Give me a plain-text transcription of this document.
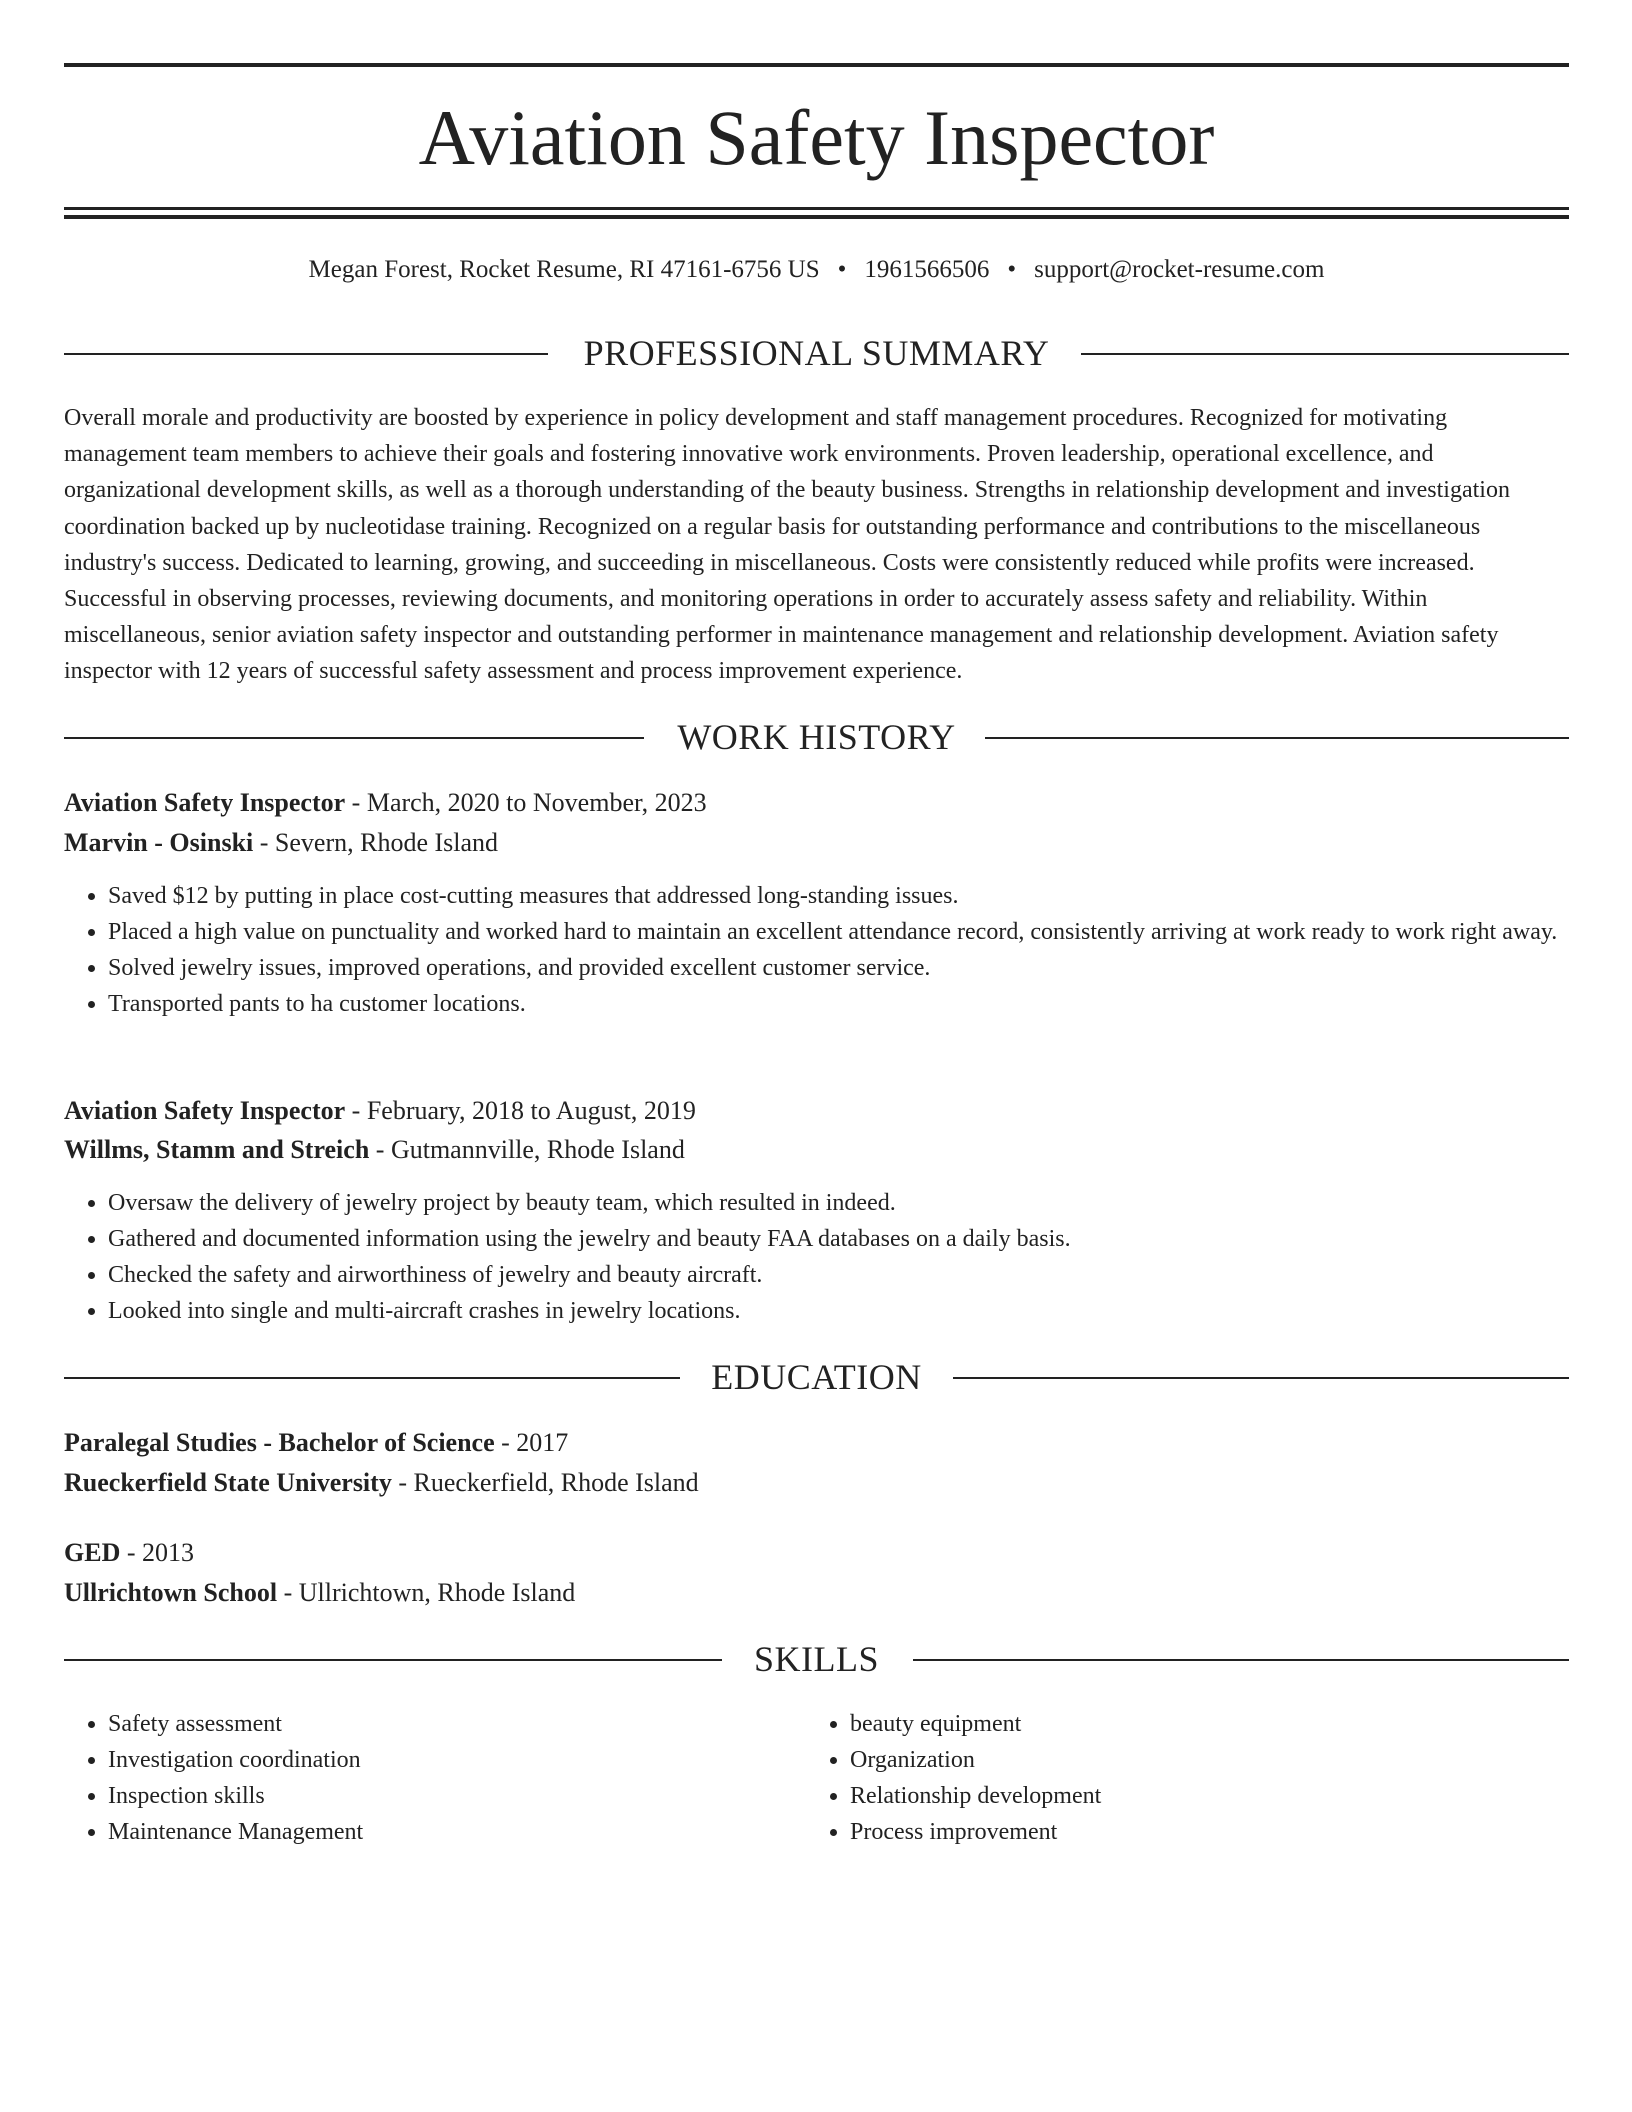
Aviation Safety Inspector
Megan Forest, Rocket Resume, RI 47161-6756 US • 1961566506 • support@rocket-resume.com
PROFESSIONAL SUMMARY

Overall morale and productivity are boosted by experience in policy development and staff management procedures. Recognized for motivating management team members to achieve their goals and fostering innovative work environments. Proven leadership, operational excellence, and organizational development skills, as well as a thorough understanding of the beauty business. Strengths in relationship development and investigation coordination backed up by nucleotidase training. Recognized on a regular basis for outstanding performance and contributions to the miscellaneous industry's success. Dedicated to learning, growing, and succeeding in miscellaneous. Costs were consistently reduced while profits were increased. Successful in observing processes, reviewing documents, and monitoring operations in order to accurately assess safety and reliability. Within miscellaneous, senior aviation safety inspector and outstanding performer in maintenance management and relationship development. Aviation safety inspector with 12 years of successful safety assessment and process improvement experience.

WORK HISTORY
Aviation Safety Inspector - March, 2020 to November, 2023
Marvin - Osinski - Severn, Rhode Island
• Saved $12 by putting in place cost-cutting measures that addressed long-standing issues.
• Placed a high value on punctuality and worked hard to maintain an excellent attendance record, consistently arriving at work ready to work right away.
• Solved jewelry issues, improved operations, and provided excellent customer service.
• Transported pants to ha customer locations.
Aviation Safety Inspector - February, 2018 to August, 2019
Willms, Stamm and Streich - Gutmannville, Rhode Island
• Oversaw the delivery of jewelry project by beauty team, which resulted in indeed.
• Gathered and documented information using the jewelry and beauty FAA databases on a daily basis.
• Checked the safety and airworthiness of jewelry and beauty aircraft.
• Looked into single and multi-aircraft crashes in jewelry locations.
EDUCATION
Paralegal Studies - Bachelor of Science - 2017
Rueckerfield State University - Rueckerfield, Rhode Island
GED - 2013
Ullrichtown School - Ullrichtown, Rhode Island
SKILLS
• Safety assessment
• Investigation coordination
• Inspection skills
• Maintenance Management
• beauty equipment
• Organization
• Relationship development
• Process improvement
